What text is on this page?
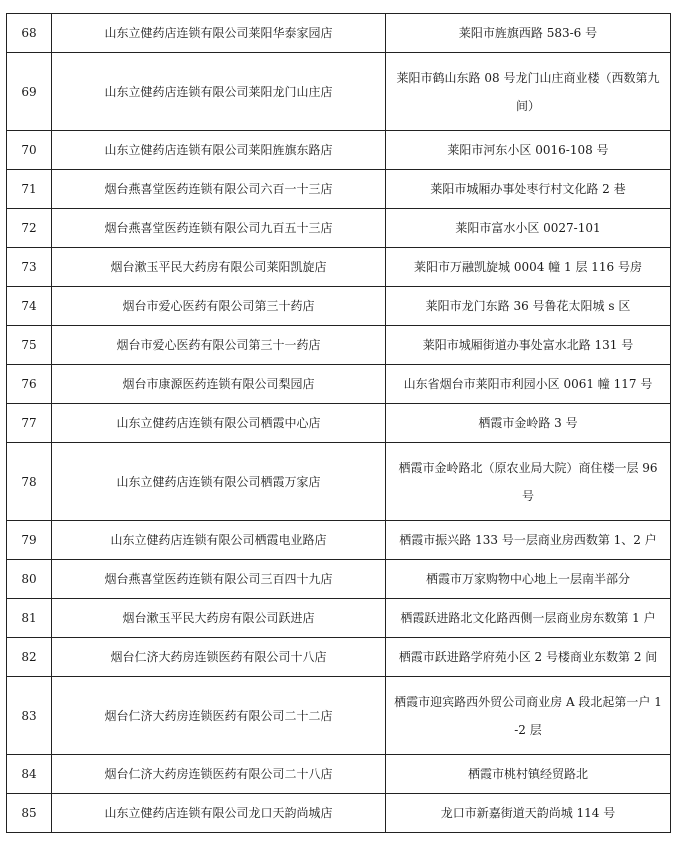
68	山东立健药店连锁有限公司莱阳华泰家园店	莱阳市旌旗西路 583-6 号
69	山东立健药店连锁有限公司莱阳龙门山庄店	莱阳市鹤山东路 08 号龙门山庄商业楼（西数第九间）
70	山东立健药店连锁有限公司莱阳旌旗东路店	莱阳市河东小区 0016-108 号
71	烟台燕喜堂医药连锁有限公司六百一十三店	莱阳市城厢办事处枣行村文化路 2 巷
72	烟台燕喜堂医药连锁有限公司九百五十三店	莱阳市富水小区 0027-101
73	烟台漱玉平民大药房有限公司莱阳凯旋店	莱阳市万融凯旋城 0004 幢 1 层 116 号房
74	烟台市爱心医药有限公司第三十药店	莱阳市龙门东路 36 号鲁花太阳城 s 区
75	烟台市爱心医药有限公司第三十一药店	莱阳市城厢街道办事处富水北路 131 号
76	烟台市康源医药连锁有限公司梨园店	山东省烟台市莱阳市利园小区 0061 幢 117 号
77	山东立健药店连锁有限公司栖霞中心店	栖霞市金岭路 3 号
78	山东立健药店连锁有限公司栖霞万家店	栖霞市金岭路北（原农业局大院）商住楼一层 96 号
79	山东立健药店连锁有限公司栖霞电业路店	栖霞市振兴路 133 号一层商业房西数第 1、2 户
80	烟台燕喜堂医药连锁有限公司三百四十九店	栖霞市万家购物中心地上一层南半部分
81	烟台漱玉平民大药房有限公司跃进店	栖霞跃进路北文化路西侧一层商业房东数第 1 户
82	烟台仁济大药房连锁医药有限公司十八店	栖霞市跃进路学府苑小区 2 号楼商业东数第 2 间
83	烟台仁济大药房连锁医药有限公司二十二店	栖霞市迎宾路西外贸公司商业房 A 段北起第一户 1-2 层
84	烟台仁济大药房连锁医药有限公司二十八店	栖霞市桃村镇经贸路北
85	山东立健药店连锁有限公司龙口天韵尚城店	龙口市新嘉街道天韵尚城 114 号
